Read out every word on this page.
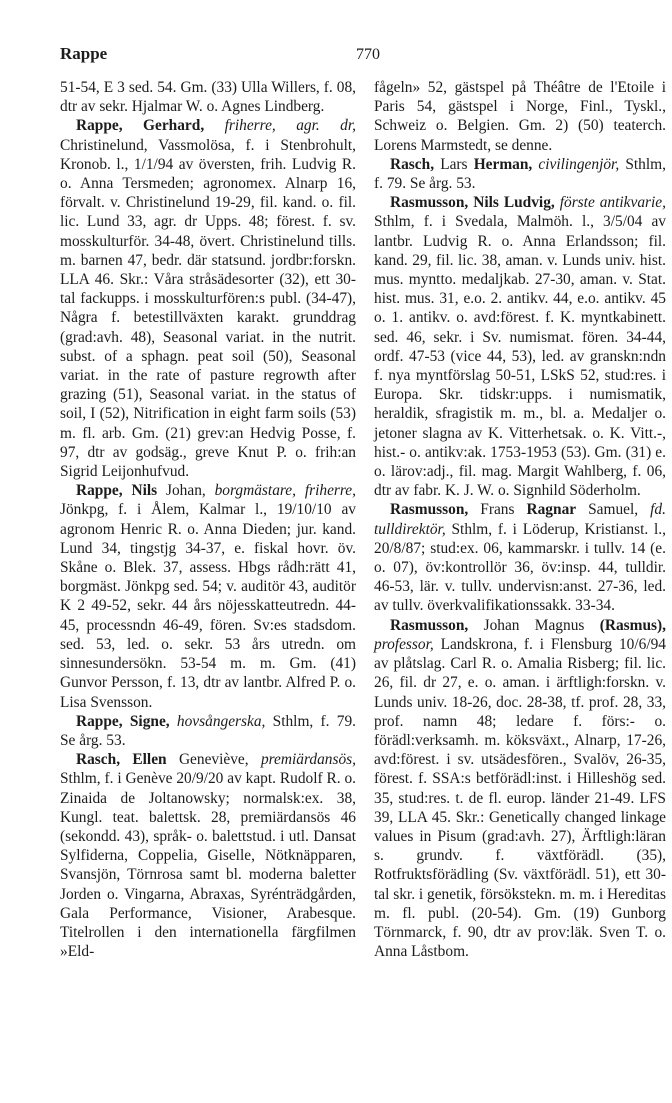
Rappe	770

51-54, E 3 sed. 54. Gm. (33) Ulla Willers, f. 08, dtr av sekr. Hjalmar W. o. Agnes Lindberg.

Rappe, Gerhard, friherre, agr. dr, Christinelund, Vassmolösa, f. i Stenbrohult, Kronob. l., 1/1/94 av översten, frih. Ludvig R. o. Anna Tersmeden; agronomex. Alnarp 16, förvalt. v. Christinelund 19-29, fil. kand. o. fil. lic. Lund 33, agr. dr Upps. 48; förest. f. sv. mosskulturför. 34-48, övert. Christinelund tills. m. barnen 47, bedr. där statsund. jordbr:forskn. LLA 46. Skr.: Våra stråsädesorter (32), ett 30-tal fackupps. i mosskulturfören:s publ. (34-47), Några f. betestillväxten karakt. grunddrag (grad:avh. 48), Seasonal variat. in the nutrit. subst. of a sphagn. peat soil (50), Seasonal variat. in the rate of pasture regrowth after grazing (51), Seasonal variat. in the status of soil, I (52), Nitrification in eight farm soils (53) m. fl. arb. Gm. (21) grev:an Hedvig Posse, f. 97, dtr av godsäg., greve Knut P. o. frih:an Sigrid Leijonhufvud.

Rappe, Nils Johan, borgmästare, friherre, Jönkpg, f. i Ålem, Kalmar l., 19/10/10 av agronom Henric R. o. Anna Dieden; jur. kand. Lund 34, tingstjg 34-37, e. fiskal hovr. öv. Skåne o. Blek. 37, assess. Hbgs rådh:rätt 41, borgmäst. Jönkpg sed. 54; v. auditör 43, auditör K 2 49-52, sekr. 44 års nöjesskatteutredn. 44-45, processndn 46-49, fören. Sv:es stadsdom. sed. 53, led. o. sekr. 53 års utredn. om sinnesundersökn. 53-54 m. m. Gm. (41) Gunvor Persson, f. 13, dtr av lantbr. Alfred P. o. Lisa Svensson.

Rappe, Signe, hovsångerska, Sthlm, f. 79. Se årg. 53.

Rasch, Ellen Geneviève, premiärdansös, Sthlm, f. i Genève 20/9/20 av kapt. Rudolf R. o. Zinaida de Joltanowsky; normalsk:ex. 38, Kungl. teat. balettsk. 28, premiärdansös 46 (sekondd. 43), språk- o. balettstud. i utl. Dansat Sylfiderna, Coppelia, Giselle, Nötknäpparen, Svansjön, Törnrosa samt bl. moderna baletter Jorden o. Vingarna, Abraxas, Syrénträdgården, Gala Performance, Visioner, Arabesque. Titelrollen i den internationella färgfilmen »Eld-

fågeln» 52, gästspel på Théâtre de l'Etoile i Paris 54, gästspel i Norge, Finl., Tyskl., Schweiz o. Belgien. Gm. 2) (50) teaterch. Lorens Marmstedt, se denne.

Rasch, Lars Herman, civilingenjör, Sthlm, f. 79. Se årg. 53.

Rasmusson, Nils Ludvig, förste antikvarie, Sthlm, f. i Svedala, Malmöh. l., 3/5/04 av lantbr. Ludvig R. o. Anna Erlandsson; fil. kand. 29, fil. lic. 38, aman. v. Lunds univ. hist. mus. myntto. medaljkab. 27-30, aman. v. Stat. hist. mus. 31, e.o. 2. antikv. 44, e.o. antikv. 45 o. 1. antikv. o. avd:förest. f. K. myntkabinett. sed. 46, sekr. i Sv. numismat. fören. 34-44, ordf. 47-53 (vice 44, 53), led. av granskn:ndn f. nya myntförslag 50-51, LSkS 52, stud:res. i Europa. Skr. tidskr:upps. i numismatik, heraldik, sfragistik m. m., bl. a. Medaljer o. jetoner slagna av K. Vitterhetsak. o. K. Vitt.-, hist.- o. antikv:ak. 1753-1953 (53). Gm. (31) e. o. lärov:adj., fil. mag. Margit Wahlberg, f. 06, dtr av fabr. K. J. W. o. Signhild Söderholm.

Rasmusson, Frans Ragnar Samuel, fd. tulldirektör, Sthlm, f. i Löderup, Kristianst. l., 20/8/87; stud:ex. 06, kammarskr. i tullv. 14 (e. o. 07), öv:kontrollör 36, öv:insp. 44, tulldir. 46-53, lär. v. tullv. undervisn:anst. 27-36, led. av tullv. överkvalifikationssakk. 33-34.

Rasmusson, Johan Magnus (Rasmus), professor, Landskrona, f. i Flensburg 10/6/94 av plåtslag. Carl R. o. Amalia Risberg; fil. lic. 26, fil. dr 27, e. o. aman. i ärftligh:forskn. v. Lunds univ. 18-26, doc. 28-38, tf. prof. 28, 33, prof. namn 48; ledare f. förs:- o. förädl:verksamh. m. köksväxt., Alnarp, 17-26, avd:förest. i sv. utsädesfören., Svalöv, 26-35, förest. f. SSA:s betförädl:inst. i Hilleshög sed. 35, stud:res. t. de fl. europ. länder 21-49. LFS 39, LLA 45. Skr.: Genetically changed linkage values in Pisum (grad:avh. 27), Ärftligh:läran s. grundv. f. växtförädl. (35), Rotfruktsförädling (Sv. växtförädl. 51), ett 30-tal skr. i genetik, försökstekn. m. m. i Hereditas m. fl. publ. (20-54). Gm. (19) Gunborg Törnmarck, f. 90, dtr av prov:läk. Sven T. o. Anna Låstbom.
